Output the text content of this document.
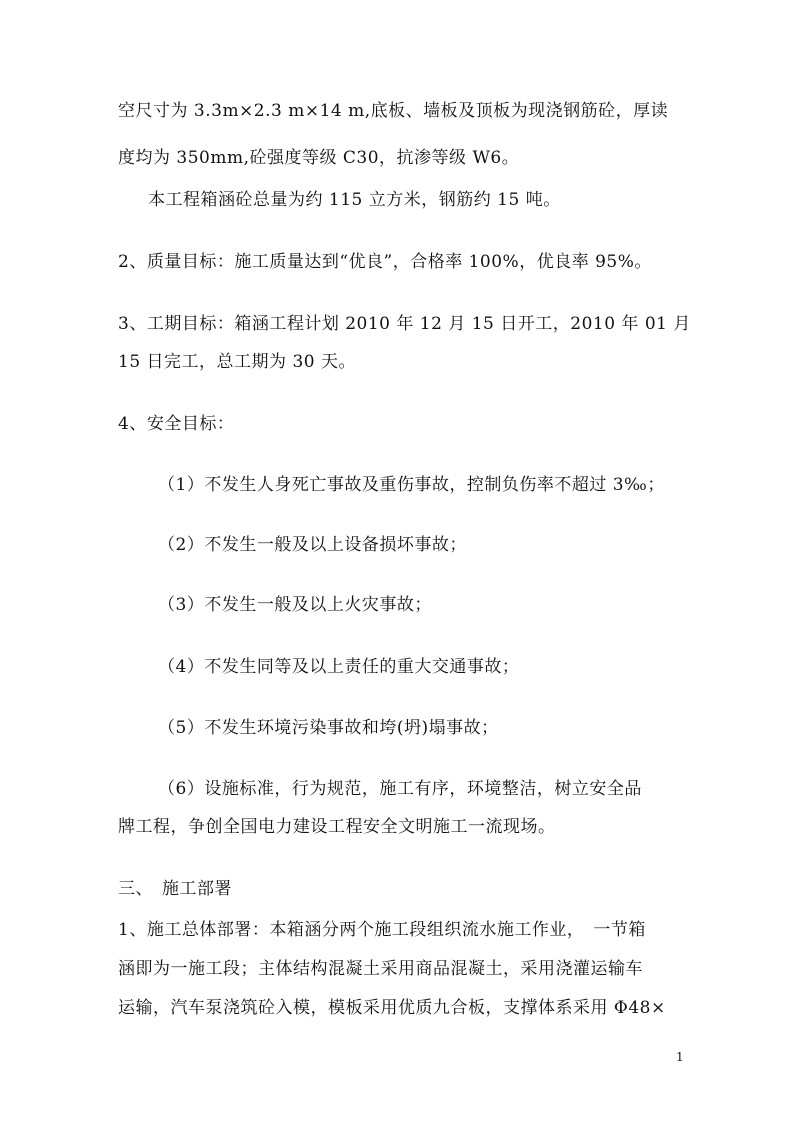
空尺寸为 3.3m×2.3 m×14 m,底板、墙板及顶板为现浇钢筋砼，厚读
度均为 350mm,砼强度等级 C30，抗渗等级 W6。
本工程箱涵砼总量为约 115 立方米，钢筋约 15 吨。
2、质量目标：施工质量达到“优良”，合格率 100%，优良率 95%。
3、工期目标：箱涵工程计划 2010 年 12 月 15 日开工，2010 年 01 月
15 日完工，总工期为 30 天。
4、安全目标：
（1）不发生人身死亡事故及重伤事故，控制负伤率不超过 3‰；
（2）不发生一般及以上设备损坏事故；
（3）不发生一般及以上火灾事故；
（4）不发生同等及以上责任的重大交通事故；
（5）不发生环境污染事故和垮(坍)塌事故；
（6）设施标准，行为规范，施工有序，环境整洁，树立安全品
牌工程，争创全国电力建设工程安全文明施工一流现场。
三、　施工部署
1、施工总体部署：本箱涵分两个施工段组织流水施工作业，　一节箱
涵即为一施工段；主体结构混凝土采用商品混凝土，采用浇灌运输车
运输，汽车泵浇筑砼入模，模板采用优质九合板，支撑体系采用 Φ48×
1
